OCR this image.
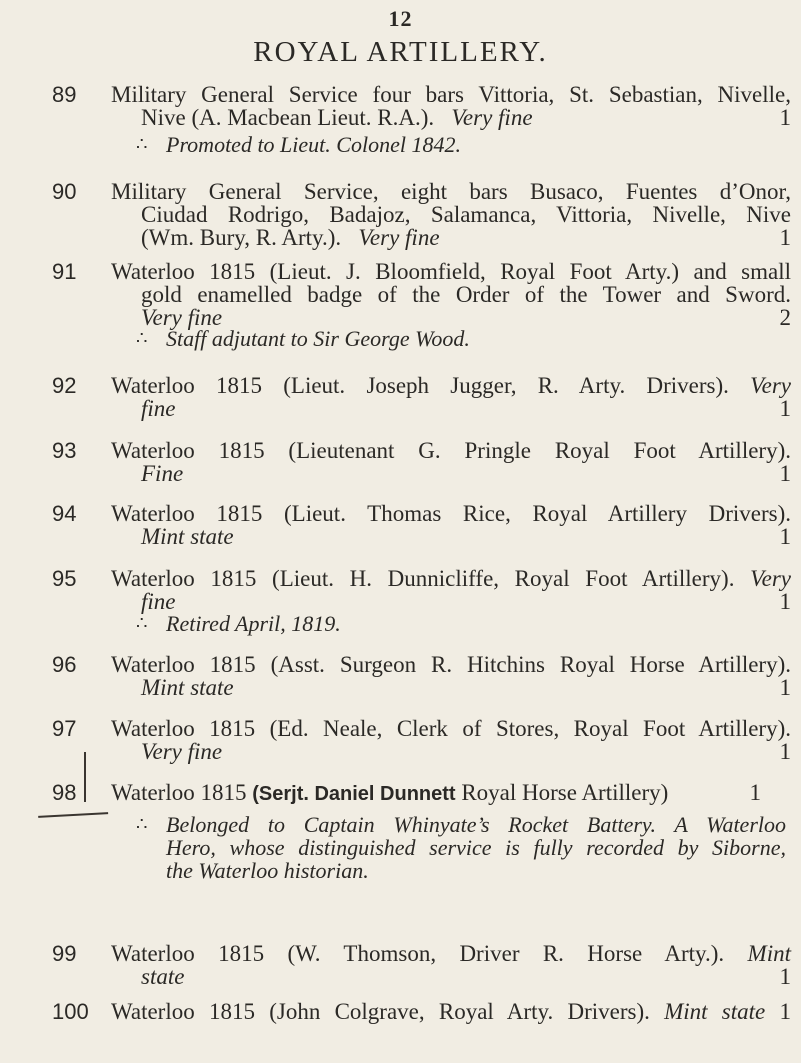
12
ROYAL ARTILLERY.
89 Military General Service four bars Vittoria, St. Sebastian, Nivelle,
Nive (A. Macbean Lieut. R.A.). Very fine	1
∴ Promoted to Lieut. Colonel 1842.
90 Military General Service, eight bars Busaco, Fuentes d’Onor,
Ciudad Rodrigo, Badajoz, Salamanca, Vittoria, Nivelle, Nive
(Wm. Bury, R. Arty.). Very fine	1
91 Waterloo 1815 (Lieut. J. Bloomfield, Royal Foot Arty.) and small
gold enamelled badge of the Order of the Tower and Sword.
Very fine	2
∴ Staff adjutant to Sir George Wood.
92 Waterloo 1815 (Lieut. Joseph Jugger, R. Arty. Drivers). Very
fine	1
93 Waterloo 1815 (Lieutenant G. Pringle Royal Foot Artillery).
Fine	1
94 Waterloo 1815 (Lieut. Thomas Rice, Royal Artillery Drivers).
Mint state	1
95 Waterloo 1815 (Lieut. H. Dunnicliffe, Royal Foot Artillery). Very
fine	1
∴ Retired April, 1819.
96 Waterloo 1815 (Asst. Surgeon R. Hitchins Royal Horse Artillery).
Mint state	1
97 Waterloo 1815 (Ed. Neale, Clerk of Stores, Royal Foot Artillery).
Very fine	1
98 Waterloo 1815 (Serjt. Daniel Dunnett Royal Horse Artillery)	1
∴ Belonged to Captain Whinyate’s Rocket Battery. A Waterloo
Hero, whose distinguished service is fully recorded by Siborne,
the Waterloo historian.
99 Waterloo 1815 (W. Thomson, Driver R. Horse Arty.). Mint
state	1
100 Waterloo 1815 (John Colgrave, Royal Arty. Drivers). Mint state 1
